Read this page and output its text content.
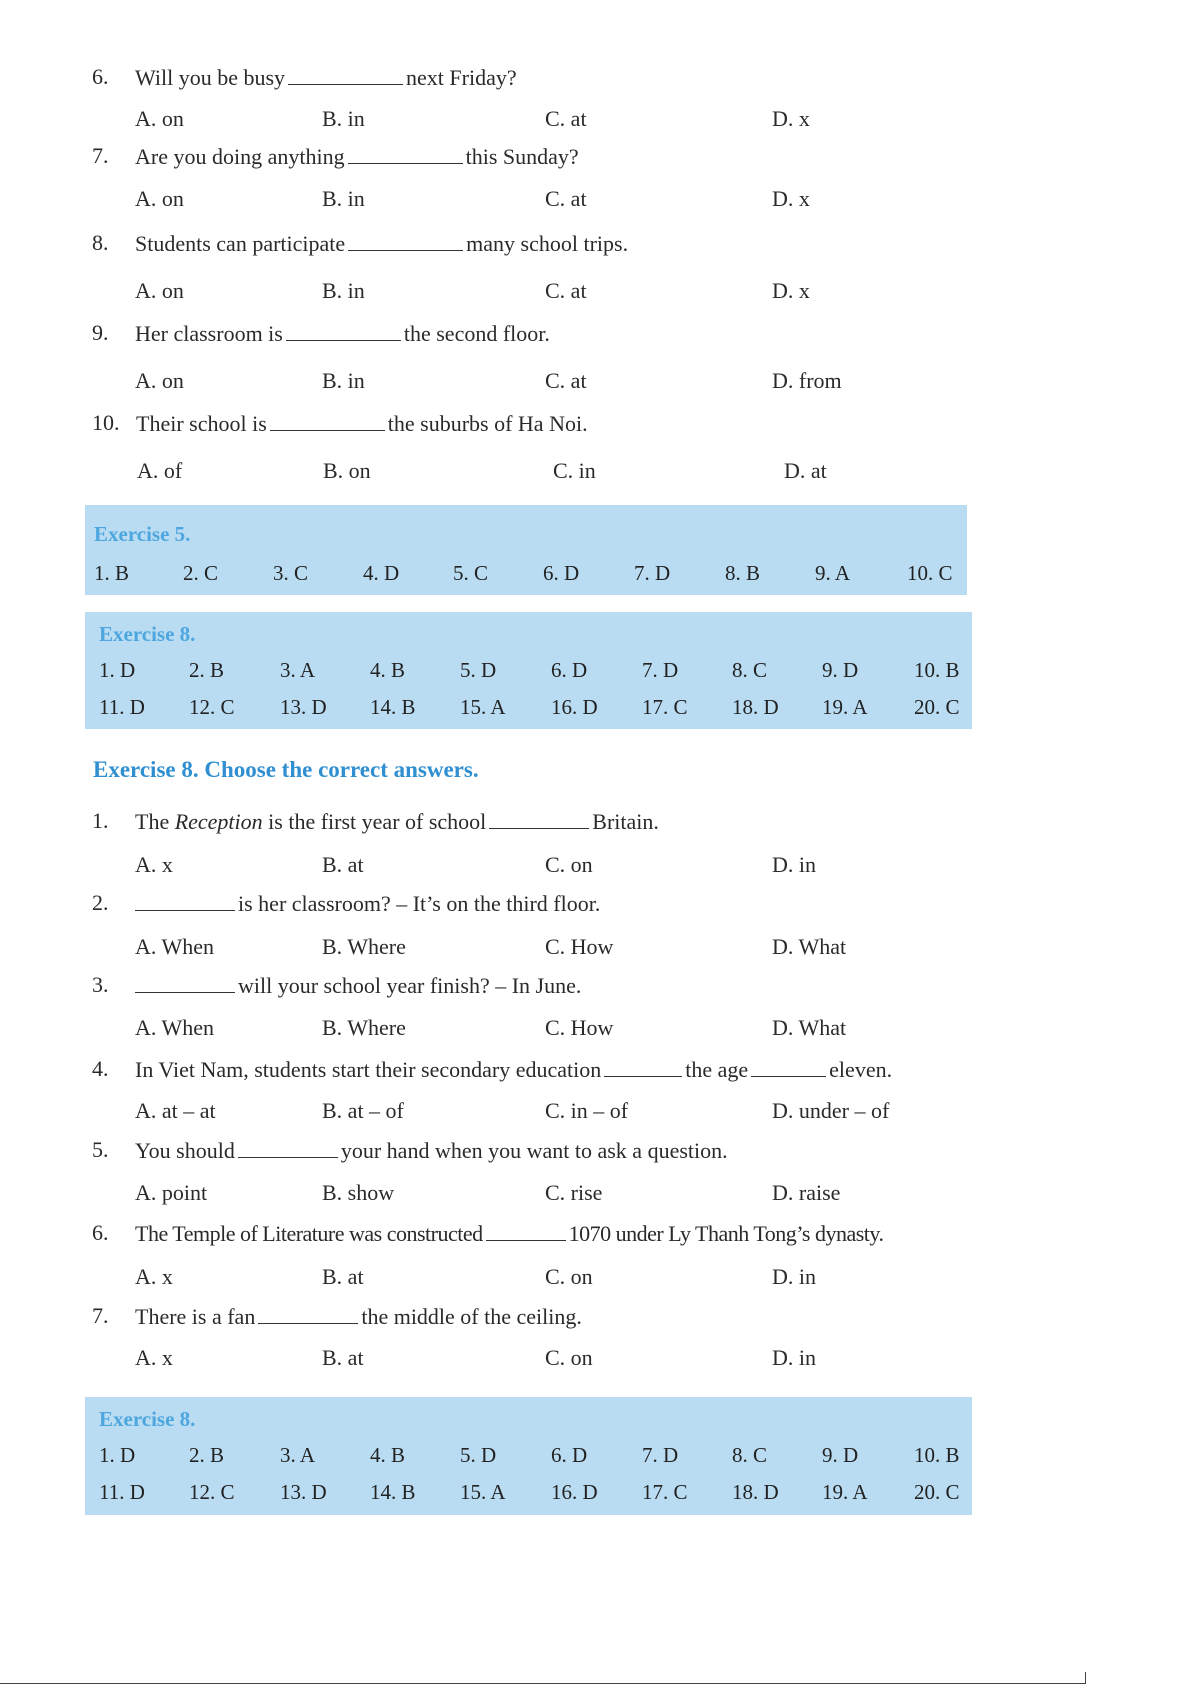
6. Will you be busy	next Friday?
A. on	B. in	C. at	D. x
7. Are you doing anything	this Sunday?
A. on	B. in	C. at	D. x
8. Students can participate	many school trips.
A. on	B. in	C. at	D. x
9. Her classroom is	the second floor.
A. on	B. in	C. at	D. from
10. Their school is	the suburbs of Ha Noi.
A. of	B. on	C. in	D. at
Exercise 5.
1. B	2. C	3. C	4. D	5. C	6. D	7. D	8. B	9. A	10. C
Exercise 8.
1. D	2. B	3. A	4. B	5. D	6. D	7. D	8. C	9. D	10. B
11. D 12. C 13. D 14. B 15. A 16. D 17. C 18. D 19. A 20. C
Exercise 8. Choose the correct answers.
1. The Reception is the first year of school	Britain.
A. x	B. at	C. on	D. in
2.	is her classroom? – It’s on the third floor.
A. When	B. Where	C. How	D. What
3.	will your school year finish? – In June.
A. When	B. Where	C. How	D. What
4. In Viet Nam, students start their secondary education	the age	eleven.
A. at – at	B. at – of	C. in – of	D. under – of
5. You should	your hand when you want to ask a question.
A. point	B. show	C. rise	D. raise
6. The Temple of Literature was constructed	1070 under Ly Thanh Tong’s dynasty.
A. x	B. at	C. on	D. in
7. There is a fan	the middle of the ceiling.
A. x	B. at	C. on	D. in
Exercise 8.
1. D	2. B	3. A	4. B	5. D	6. D	7. D	8. C	9. D	10. B
11. D 12. C 13. D 14. B 15. A 16. D 17. C 18. D 19. A 20. C
